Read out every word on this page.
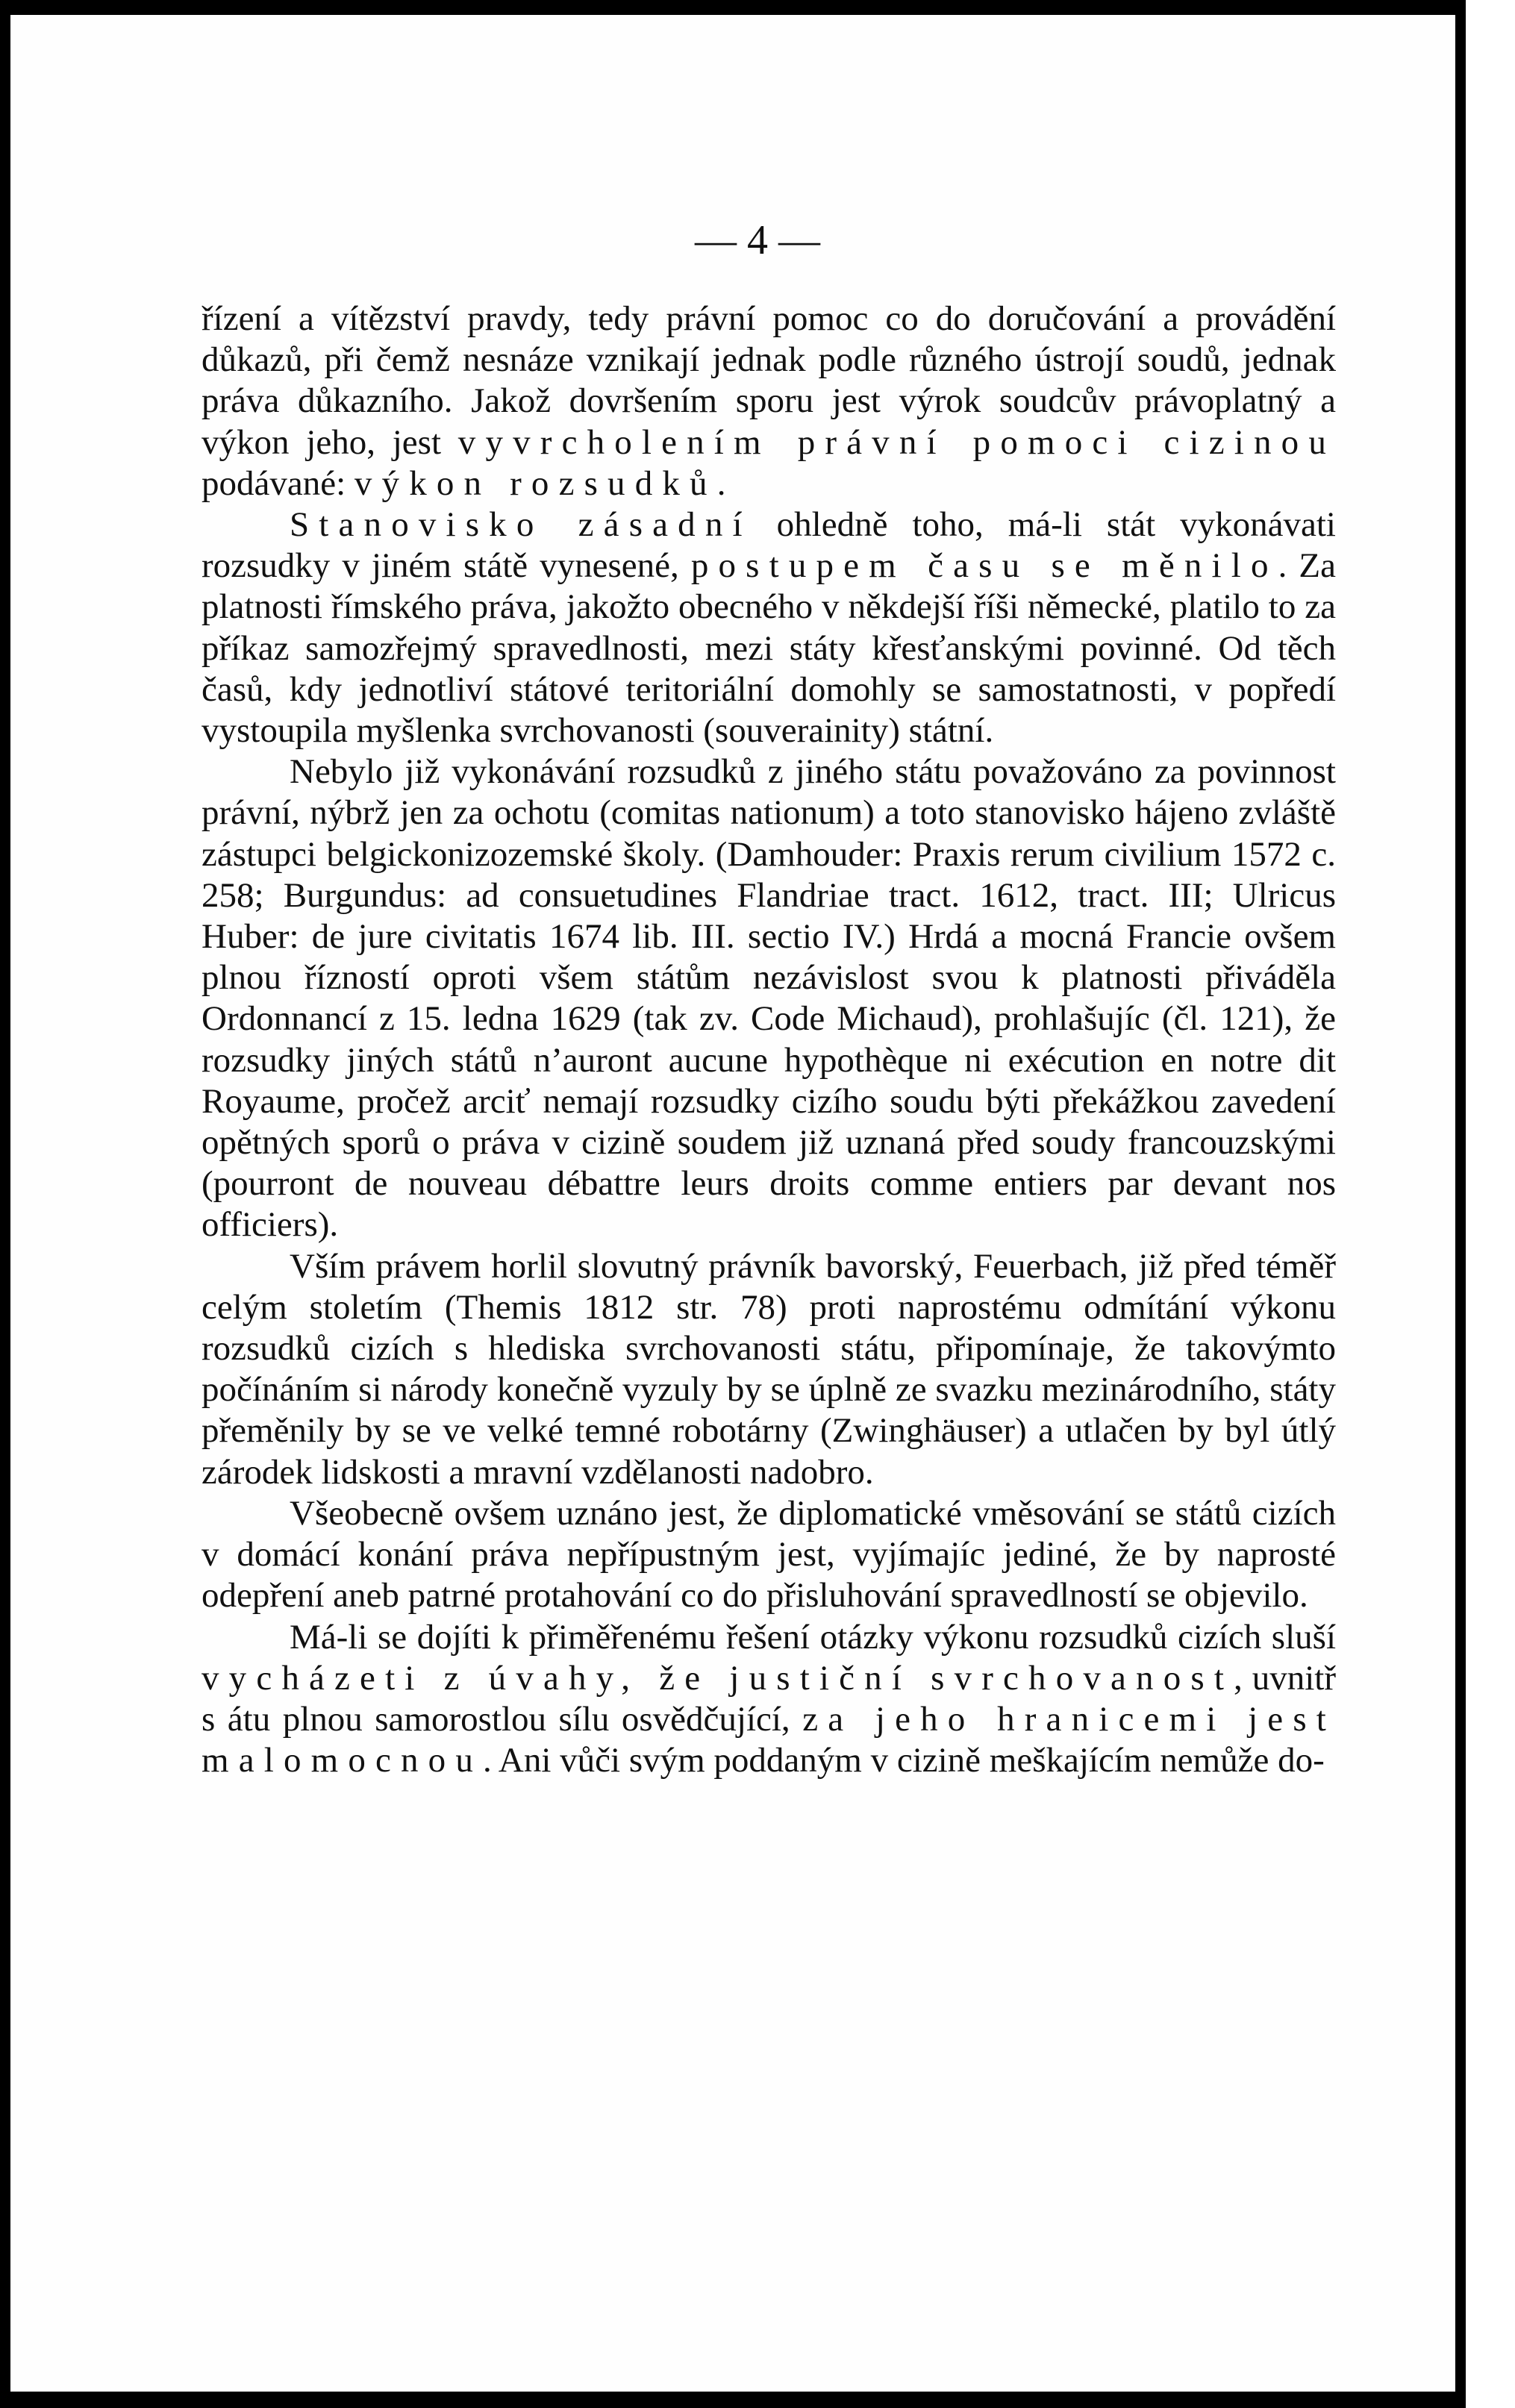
— 4 —

řízení a vítězství pravdy, tedy právní pomoc co do doručování a provádění důkazů, při čemž nesnáze vznikají jednak podle různého ústrojí soudů, jednak práva důkazního. Jakož dovršením sporu jest výrok soudcův právoplatný a výkon jeho, jest vyvrcholením právní pomoci cizinou podávané: výkon rozsudků.

Stanovisko zásadní ohledně toho, má-li stát vykonávati rozsudky v jiném státě vynesené, postupem času se měnilo. Za platnosti římského práva, jakožto obecného v někdejší říši německé, platilo to za příkaz samozřejmý spravedlnosti, mezi státy křesťanskými povinné. Od těch časů, kdy jednotliví státové teritoriální domohly se samostatnosti, v popředí vystoupila myšlenka svrchovanosti (souverainity) státní.

Nebylo již vykonávání rozsudků z jiného státu považováno za povinnost právní, nýbrž jen za ochotu (comitas nationum) a toto stanovisko hájeno zvláště zástupci belgickonizozemské školy. (Damhouder: Praxis rerum civilium 1572 c. 258; Burgundus: ad consuetudines Flandriae tract. 1612, tract. III; Ulricus Huber: de jure civitatis 1674 lib. III. sectio IV.) Hrdá a mocná Francie ovšem plnou řízností oproti všem státům nezávislost svou k platnosti přiváděla Ordonnancí z 15. ledna 1629 (tak zv. Code Michaud), prohlašujíc (čl. 121), že rozsudky jiných států n’auront aucune hypothèque ni exécution en notre dit Royaume, pročež arciť nemají rozsudky cizího soudu býti překážkou zavedení opětných sporů o práva v cizině soudem již uznaná před soudy francouzskými (pourront de nouveau débattre leurs droits comme entiers par devant nos officiers).

Vším právem horlil slovutný právník bavorský, Feuerbach, již před téměř celým stoletím (Themis 1812 str. 78) proti naprostému odmítání výkonu rozsudků cizích s hlediska svrchovanosti státu, připomínaje, že takovýmto počínáním si národy konečně vyzuly by se úplně ze svazku mezinárodního, státy přeměnily by se ve velké temné robotárny (Zwinghäuser) a utlačen by byl útlý zárodek lidskosti a mravní vzdělanosti nadobro.

Všeobecně ovšem uznáno jest, že diplomatické vměsování se států cizích v domácí konání práva nepřípustným jest, vyjímajíc jediné, že by naprosté odepření aneb patrné protahování co do přisluhování spravedlností se objevilo.

Má-li se dojíti k přiměřenému řešení otázky výkonu rozsudků cizích sluší vycházeti z úvahy, že justiční svrchovanost, uvnitř s átu plnou samorostlou sílu osvědčující, za jeho hranicemi jest malomocnou. Ani vůči svým poddaným v cizině meškajícím nemůže do-
